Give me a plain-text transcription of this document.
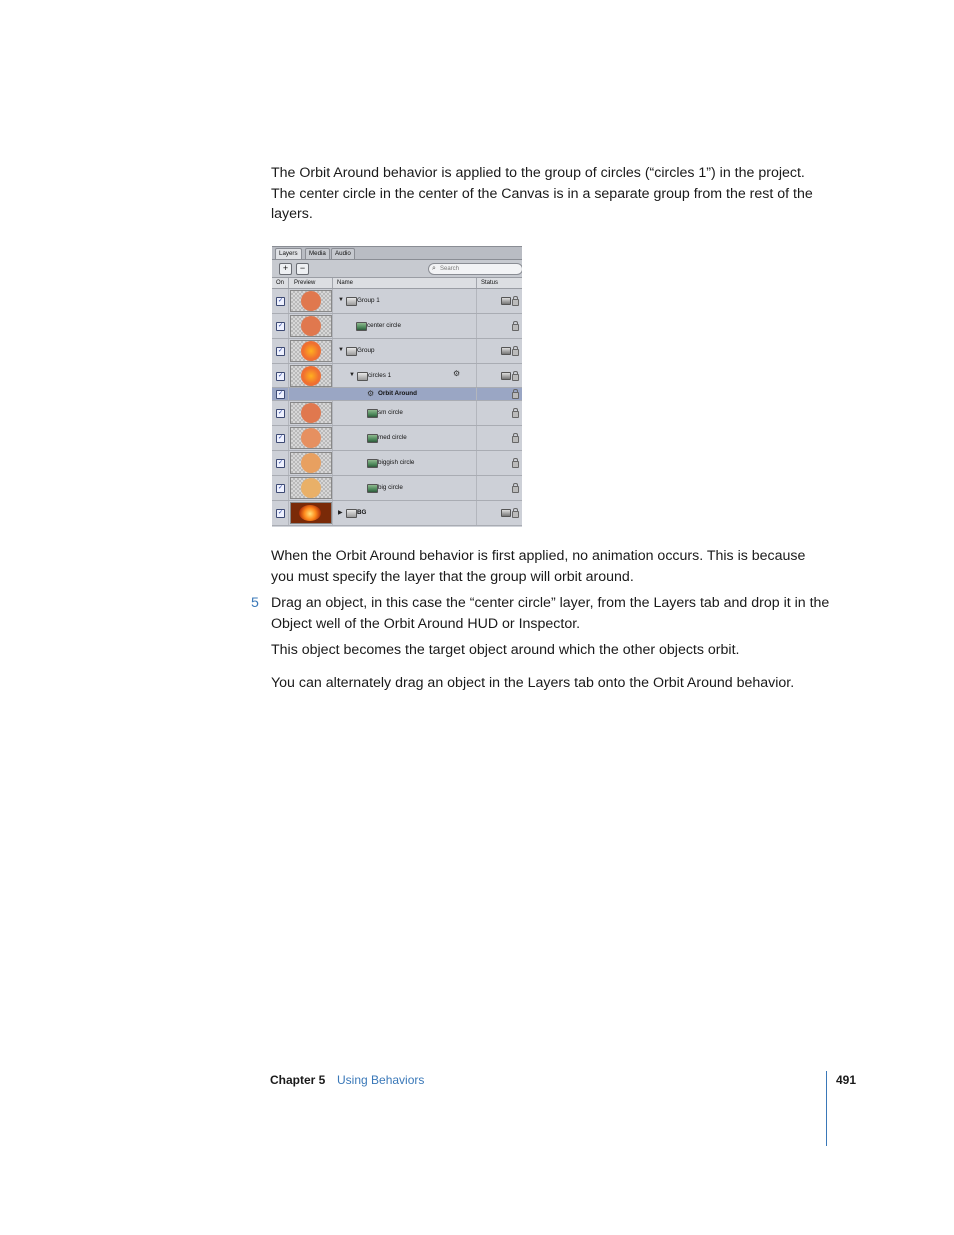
The Orbit Around behavior is applied to the group of circles (“circles 1”) in the project. The center circle in the center of the Canvas is in a separate group from the rest of the layers.

Layers	Media	Audio
+	−	⌕ Search
On Preview	Name	Status
✓	▼ Group 1
✓	center circle
✓	▼ Group
✓	▼ circles 1	⚙
✓	⚙ Orbit Around
✓	sm circle
✓	med circle
✓	biggish circle
✓	big circle
✓	▶ BG

When the Orbit Around behavior is first applied, no animation occurs. This is because you must specify the layer that the group will orbit around.

5 Drag an object, in this case the “center circle” layer, from the Layers tab and drop it in the Object well of the Orbit Around HUD or Inspector.

This object becomes the target object around which the other objects orbit.

You can alternately drag an object in the Layers tab onto the Orbit Around behavior.

Chapter 5 Using Behaviors	491
